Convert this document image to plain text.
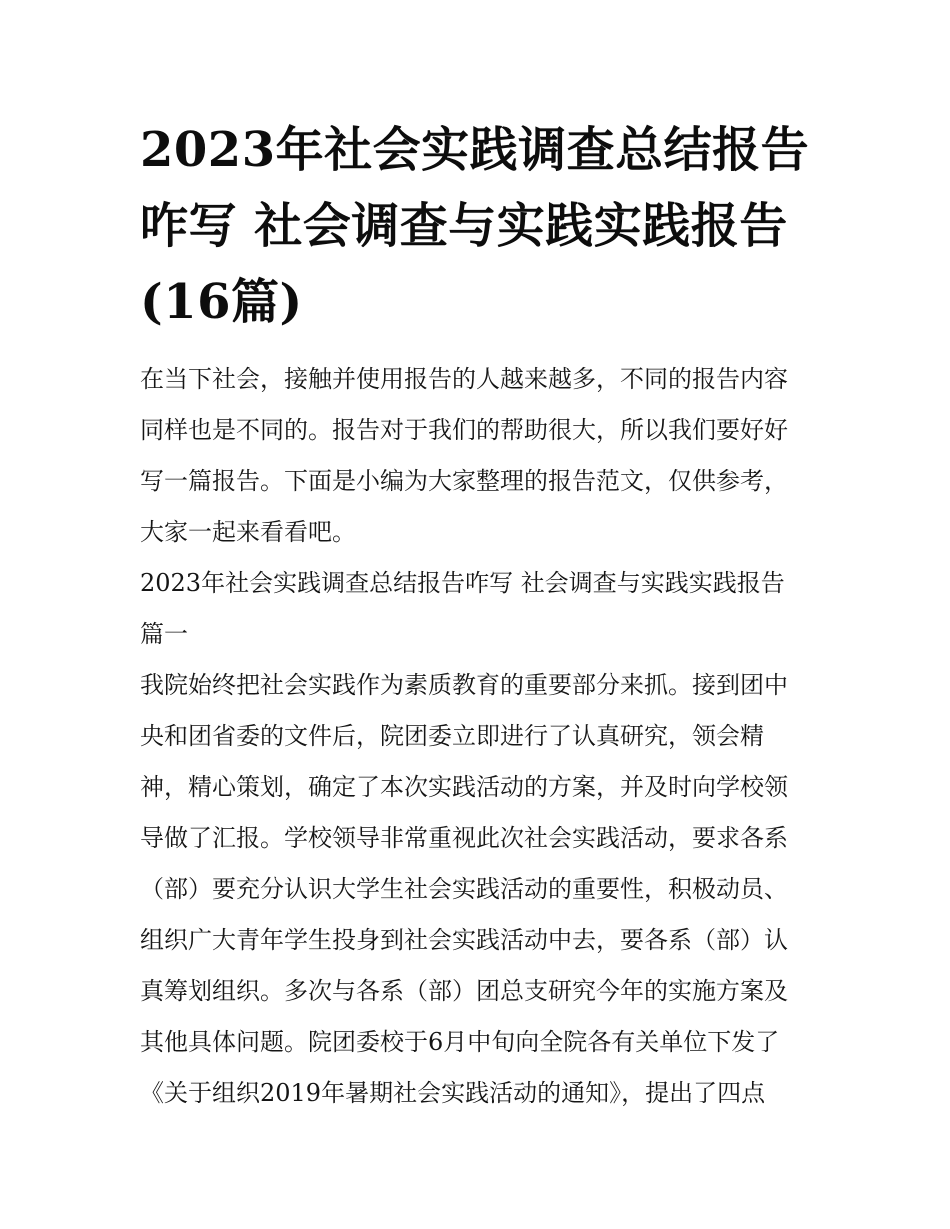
2023年社会实践调查总结报告
咋写 社会调查与实践实践报告
(16篇)

在当下社会，接触并使用报告的人越来越多，不同的报告内容
同样也是不同的。报告对于我们的帮助很大，所以我们要好好
写一篇报告。下面是小编为大家整理的报告范文，仅供参考，
大家一起来看看吧。

2023年社会实践调查总结报告咋写 社会调查与实践实践报告
篇一

我院始终把社会实践作为素质教育的重要部分来抓。接到团中
央和团省委的文件后，院团委立即进行了认真研究，领会精
神，精心策划，确定了本次实践活动的方案，并及时向学校领
导做了汇报。学校领导非常重视此次社会实践活动，要求各系
（部）要充分认识大学生社会实践活动的重要性，积极动员、
组织广大青年学生投身到社会实践活动中去，要各系（部）认
真筹划组织。多次与各系（部）团总支研究今年的实施方案及
其他具体问题。院团委校于6月中旬向全院各有关单位下发了
《关于组织2019年暑期社会实践活动的通知》，提出了四点
